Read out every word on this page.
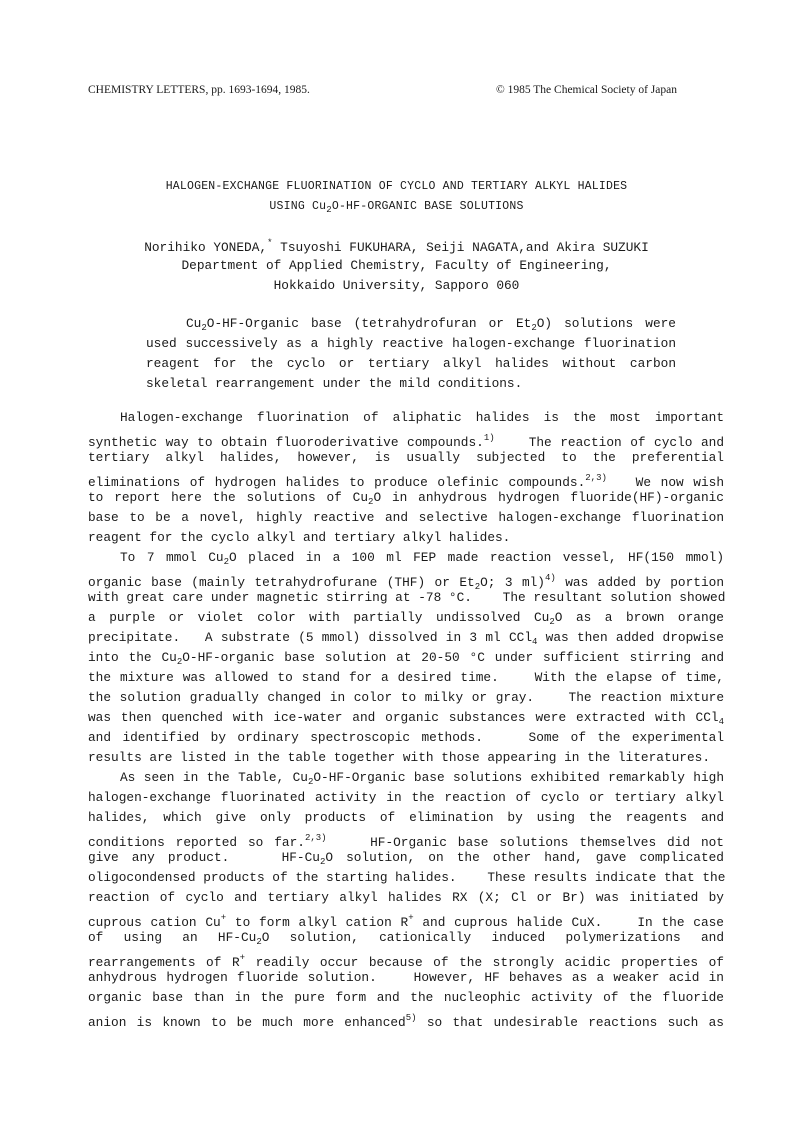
CHEMISTRY LETTERS, pp. 1693-1694, 1985.	© 1985 The Chemical Society of Japan
HALOGEN-EXCHANGE FLUORINATION OF CYCLO AND TERTIARY ALKYL HALIDES
USING $Cu_2O-HF$-ORGANIC BASE SOLUTIONS
Norihiko YONEDA,* Tsuyoshi FUKUHARA, Seiji NAGATA,and Akira SUZUKI
Department of Applied Chemistry, Faculty of Engineering,
Hokkaido University, Sapporo 060
$Cu_2O-HF$-Organic base (tetrahydrofuran or $Et_2O$) solutions were
used successively as a highly reactive halogen-exchange fluorination
reagent for the cyclo or tertiary alkyl halides without carbon
skeletal rearrangement under the mild conditions.
Halogen-exchange fluorination of aliphatic halides is the most important
synthetic way to obtain fluoroderivative compounds.$^{1)}$    The reaction of cyclo and
tertiary alkyl halides, however, is usually subjected to the preferential
eliminations of hydrogen halides to produce olefinic compounds.$^{2,3)}$   We now wish
to report here the solutions of $Cu_2O$ in anhydrous hydrogen fluoride(HF)-organic
base to be a novel, highly reactive and selective halogen-exchange fluorination
reagent for the cyclo alkyl and tertiary alkyl halides.
To 7 mmol $Cu_2O$ placed in a 100 ml FEP made reaction vessel, HF(150 mmol)
organic base (mainly tetrahydrofurane (THF) or $Et_2O$; 3 ml)$^{4)}$ was added by portion
with great care under magnetic stirring at -78 °C.    The resultant solution showed
a purple or violet color with partially undissolved $Cu_2O$ as a brown orange
precipitate.   A substrate (5 mmol) dissolved in 3 ml CCl$_4$ was then added dropwise
into the $Cu_2O-HF$-organic base solution at 20-50 °C under sufficient stirring and
the mixture was allowed to stand for a desired time.    With the elapse of time,
the solution gradually changed in color to milky or gray.    The reaction mixture
was then quenched with ice-water and organic substances were extracted with CCl$_4$
and identified by ordinary spectroscopic methods.    Some of the experimental
results are listed in the table together with those appearing in the literatures.
As seen in the Table, $Cu_2O-HF$-Organic base solutions exhibited remarkably high
halogen-exchange fluorinated activity in the reaction of cyclo or tertiary alkyl
halides, which give only products of elimination by using the reagents and
conditions reported so far.$^{2,3)}$    HF-Organic base solutions themselves did not
give any product.    $HF-Cu_2O$ solution, on the other hand, gave complicated
oligocondensed products of the starting halides.    These results indicate that the
reaction of cyclo and tertiary alkyl halides RX (X; Cl or Br) was initiated by
cuprous cation Cu+ to form alkyl cation R+ and cuprous halide CuX.    In the case
of using an $HF-Cu_2O$ solution, cationically induced polymerizations and
rearrangements of R+ readily occur because of the strongly acidic properties of
anhydrous hydrogen fluoride solution.    However, HF behaves as a weaker acid in
organic base than in the pure form and the nucleophic activity of the fluoride
anion is known to be much more enhanced$^{5)}$ so that undesirable reactions such as
